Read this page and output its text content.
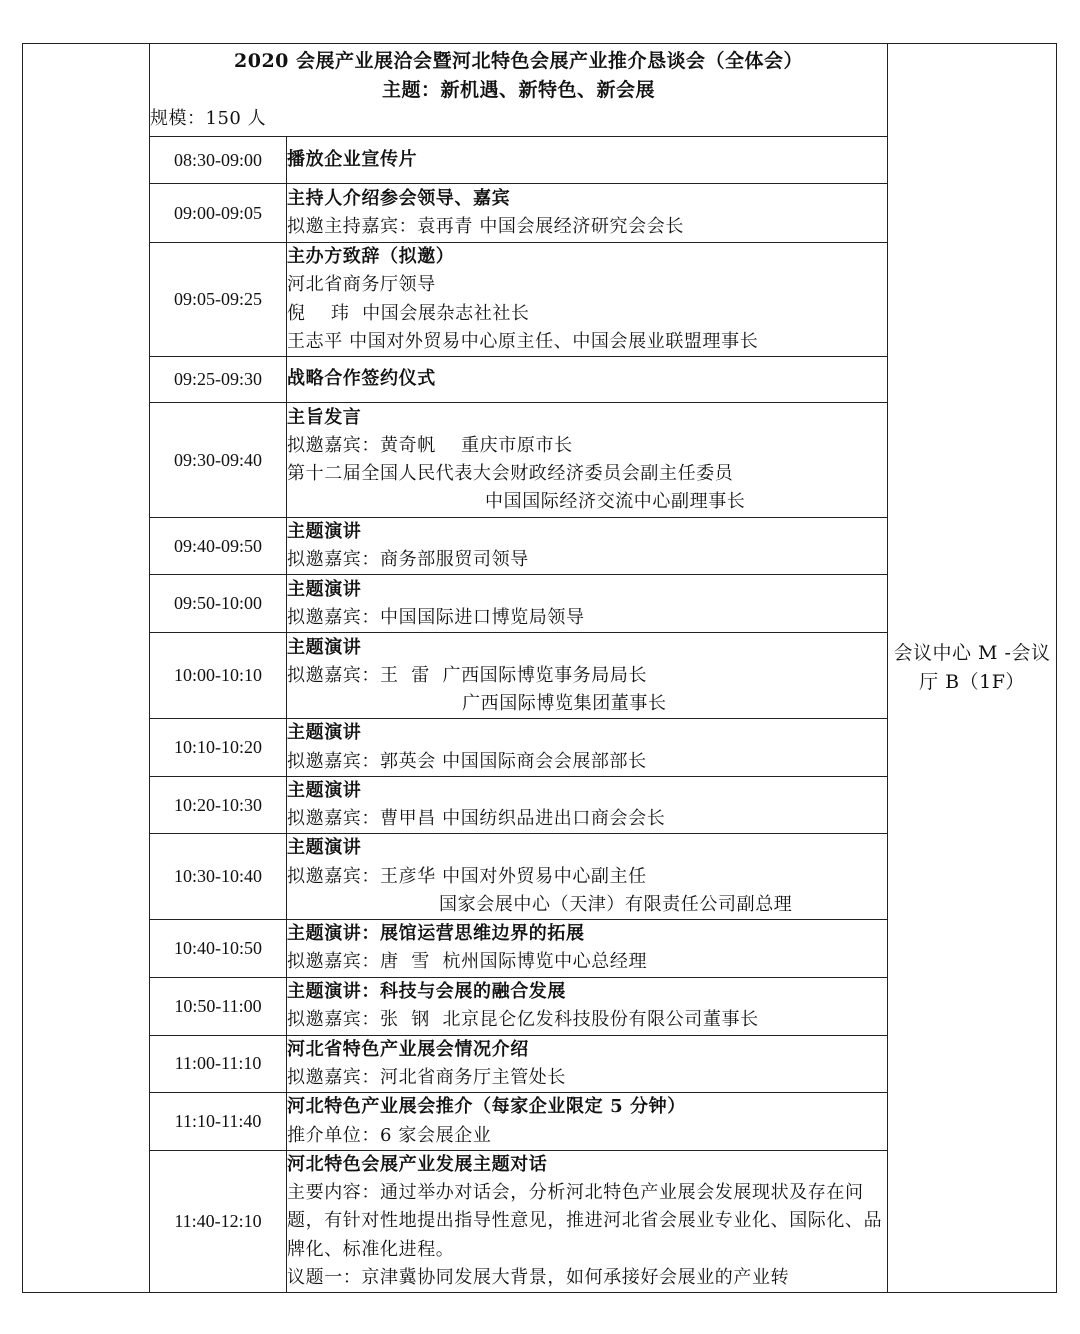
	2020 会展产业展洽会暨河北特色会展产业推介恳谈会（全体会）
主题：新机遇、新特色、新会展
规模：150 人		会议中心 M -会议厅 B（1F）
	08:30-09:00	播放企业宣传片	

	09:00-09:05	主持人介绍参会领导、嘉宾
拟邀主持嘉宾：袁再青 中国会展经济研究会会长	

	09:05-09:25	主办方致辞（拟邀）
河北省商务厅领导
倪    玮  中国会展杂志社社长
王志平 中国对外贸易中心原主任、中国会展业联盟理事长	

	09:25-09:30	战略合作签约仪式	

	09:30-09:40	主旨发言
拟邀嘉宾：黄奇帆    重庆市原市长
第十二届全国人民代表大会财政经济委员会副主任委员
中国国际经济交流中心副理事长	

	09:40-09:50	主题演讲
拟邀嘉宾：商务部服贸司领导	

	09:50-10:00	主题演讲
拟邀嘉宾：中国国际进口博览局领导	

	10:00-10:10	主题演讲
拟邀嘉宾：王  雷  广西国际博览事务局局长
广西国际博览集团董事长	

	10:10-10:20	主题演讲
拟邀嘉宾：郭英会 中国国际商会会展部部长	

	10:20-10:30	主题演讲
拟邀嘉宾：曹甲昌 中国纺织品进出口商会会长	

	10:30-10:40	主题演讲
拟邀嘉宾：王彦华 中国对外贸易中心副主任
国家会展中心（天津）有限责任公司副总理	

	10:40-10:50	主题演讲：展馆运营思维边界的拓展
拟邀嘉宾：唐  雪  杭州国际博览中心总经理	

	10:50-11:00	主题演讲：科技与会展的融合发展
拟邀嘉宾：张  钢  北京昆仑亿发科技股份有限公司董事长	

	11:00-11:10	河北省特色产业展会情况介绍
拟邀嘉宾：河北省商务厅主管处长	

	11:10-11:40	河北特色产业展会推介（每家企业限定 5 分钟）
推介单位：6 家会展企业	

	11:40-12:10	河北特色会展产业发展主题对话
主要内容：通过举办对话会，分析河北特色产业展会发展现状及存在问题，有针对性地提出指导性意见，推进河北省会展业专业化、国际化、品牌化、标准化进程。
议题一：京津冀协同发展大背景，如何承接好会展业的产业转	
